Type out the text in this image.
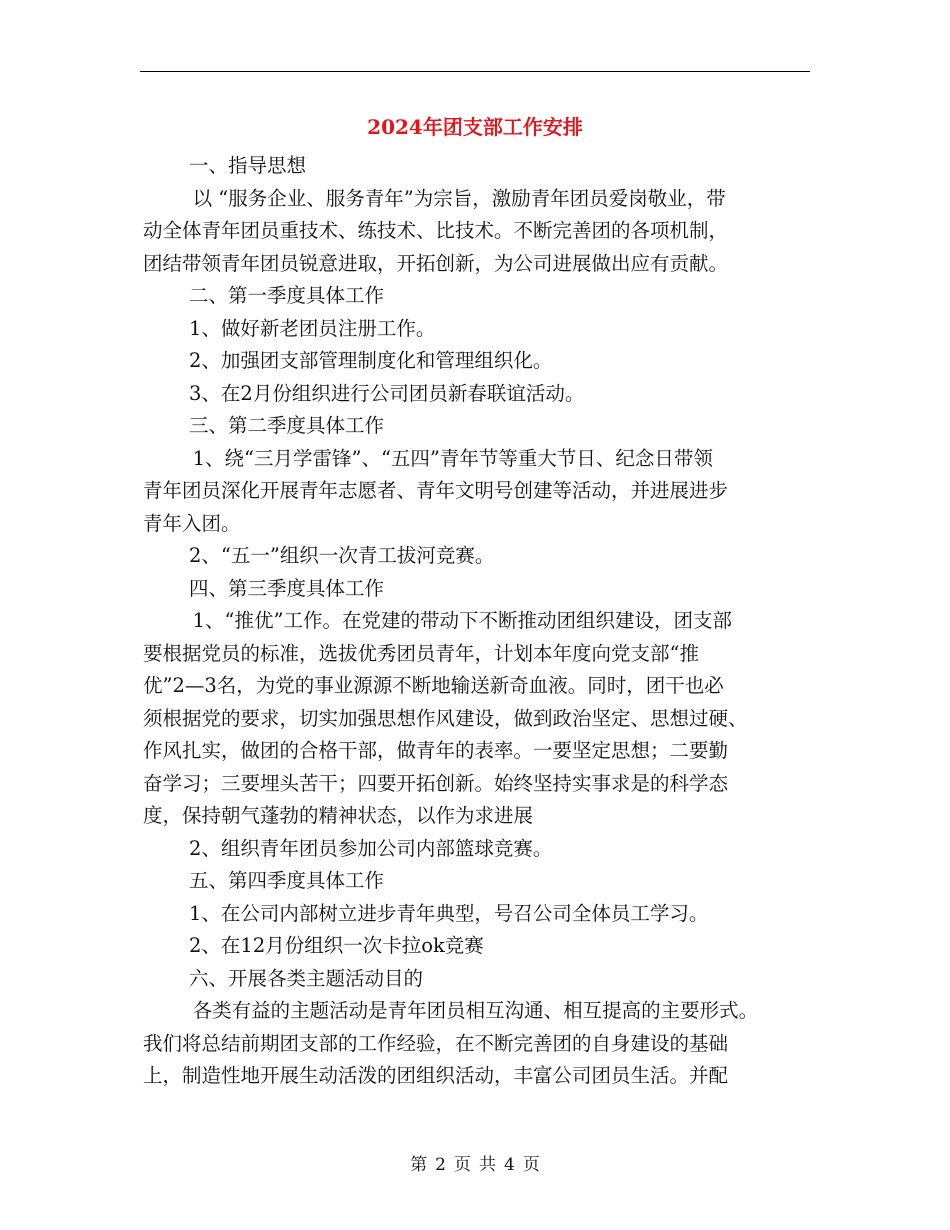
2024年团支部工作安排

一、指导思想

以 “服务企业、服务青年”为宗旨，激励青年团员爱岗敬业，带

动全体青年团员重技术、练技术、比技术。不断完善团的各项机制，

团结带领青年团员锐意进取，开拓创新，为公司进展做出应有贡献。

二、第一季度具体工作

1、做好新老团员注册工作。

2、加强团支部管理制度化和管理组织化。

3、在2月份组织进行公司团员新春联谊活动。

三、第二季度具体工作

1、绕“三月学雷锋”、“五四”青年节等重大节日、纪念日带领

青年团员深化开展青年志愿者、青年文明号创建等活动，并进展进步

青年入团。

2、“五一”组织一次青工拔河竞赛。

四、第三季度具体工作

1、“推优”工作。在党建的带动下不断推动团组织建设，团支部

要根据党员的标准，选拔优秀团员青年，计划本年度向党支部“推

优”2—3名，为党的事业源源不断地输送新奇血液。同时，团干也必

须根据党的要求，切实加强思想作风建设，做到政治坚定、思想过硬、

作风扎实，做团的合格干部，做青年的表率。一要坚定思想；二要勤

奋学习；三要埋头苦干；四要开拓创新。始终坚持实事求是的科学态

度，保持朝气蓬勃的精神状态，以作为求进展

2、组织青年团员参加公司内部篮球竞赛。

五、第四季度具体工作

1、在公司内部树立进步青年典型，号召公司全体员工学习。

2、在12月份组织一次卡拉ok竞赛

六、开展各类主题活动目的

各类有益的主题活动是青年团员相互沟通、相互提高的主要形式。

我们将总结前期团支部的工作经验，在不断完善团的自身建设的基础

上，制造性地开展生动活泼的团组织活动，丰富公司团员生活。并配

第 2 页 共 4 页
